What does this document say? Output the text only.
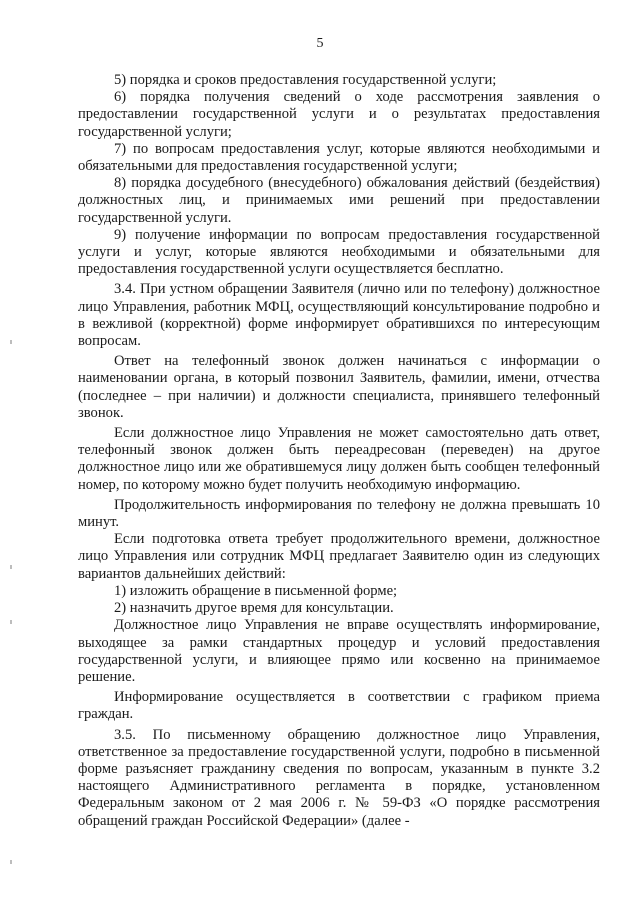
5

5) порядка и сроков предоставления государственной услуги;

6) порядка получения сведений о ходе рассмотрения заявления о предоставлении государственной услуги и о результатах предоставления государственной услуги;

7) по вопросам предоставления услуг, которые являются необходимыми и обязательными для предоставления государственной услуги;

8) порядка досудебного (внесудебного) обжалования действий (бездействия) должностных лиц, и принимаемых ими решений при предоставлении государственной услуги.

9) получение информации по вопросам предоставления государственной услуги и услуг, которые являются необходимыми и обязательными для предоставления государственной услуги осуществляется бесплатно.

3.4. При устном обращении Заявителя (лично или по телефону) должностное лицо Управления, работник МФЦ, осуществляющий консультирование подробно и в вежливой (корректной) форме информирует обратившихся по интересующим вопросам.

Ответ на телефонный звонок должен начинаться с информации о наименовании органа, в который позвонил Заявитель, фамилии, имени, отчества (последнее – при наличии) и должности специалиста, принявшего телефонный звонок.

Если должностное лицо Управления не может самостоятельно дать ответ, телефонный звонок должен быть переадресован (переведен) на другое должностное лицо или же обратившемуся лицу должен быть сообщен телефонный номер, по которому можно будет получить необходимую информацию.

Продолжительность информирования по телефону не должна превышать 10 минут.

Если подготовка ответа требует продолжительного времени, должностное лицо Управления или сотрудник МФЦ предлагает Заявителю один из следующих вариантов дальнейших действий:

1) изложить обращение в письменной форме;

2) назначить другое время для консультации.

Должностное лицо Управления не вправе осуществлять информирование, выходящее за рамки стандартных процедур и условий предоставления государственной услуги, и влияющее прямо или косвенно на принимаемое решение.

Информирование осуществляется в соответствии с графиком приема граждан.

3.5. По письменному обращению должностное лицо Управления, ответственное за предоставление государственной услуги, подробно в письменной форме разъясняет гражданину сведения по вопросам, указанным в пункте 3.2 настоящего Административного регламента в порядке, установленном Федеральным законом от 2 мая 2006 г. № 59-ФЗ «О порядке рассмотрения обращений граждан Российской Федерации» (далее -
